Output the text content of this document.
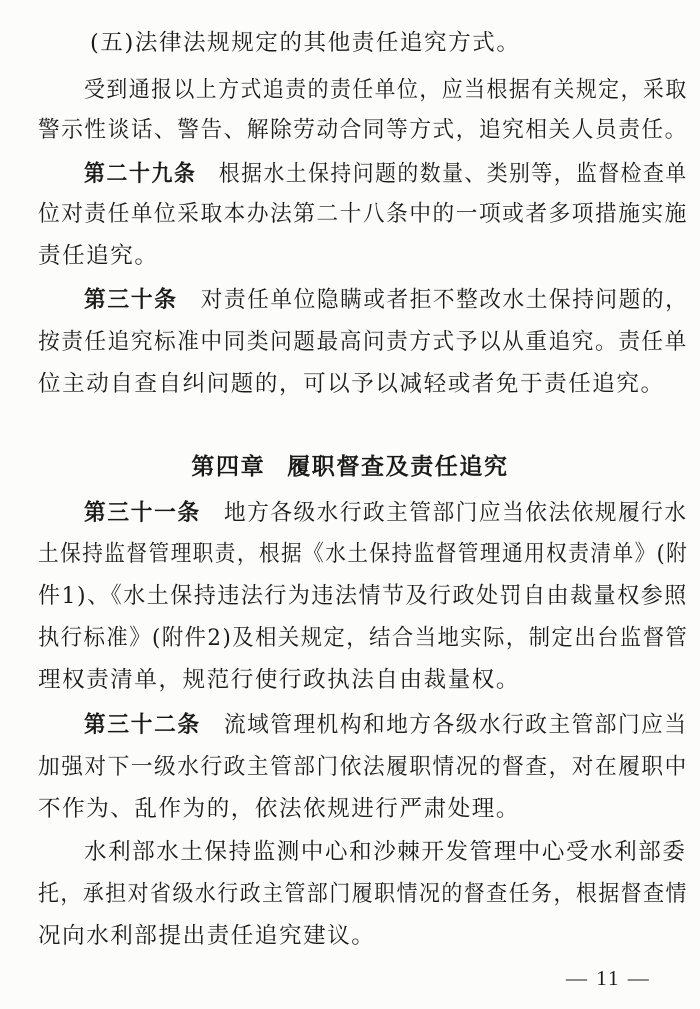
(五)法律法规规定的其他责任追究方式。
受到通报以上方式追责的责任单位，应当根据有关规定，采取
警示性谈话、警告、解除劳动合同等方式，追究相关人员责任。
第二十九条 根据水土保持问题的数量、类别等，监督检查单
位对责任单位采取本办法第二十八条中的一项或者多项措施实施
责任追究。
第三十条 对责任单位隐瞒或者拒不整改水土保持问题的，
按责任追究标准中同类问题最高问责方式予以从重追究。责任单
位主动自查自纠问题的，可以予以减轻或者免于责任追究。
第四章 履职督查及责任追究
第三十一条 地方各级水行政主管部门应当依法依规履行水
土保持监督管理职责，根据《水土保持监督管理通用权责清单》(附
件1)、《水土保持违法行为违法情节及行政处罚自由裁量权参照
执行标准》(附件2)及相关规定，结合当地实际，制定出台监督管
理权责清单，规范行使行政执法自由裁量权。
第三十二条 流域管理机构和地方各级水行政主管部门应当
加强对下一级水行政主管部门依法履职情况的督查，对在履职中
不作为、乱作为的，依法依规进行严肃处理。
水利部水土保持监测中心和沙棘开发管理中心受水利部委
托，承担对省级水行政主管部门履职情况的督查任务，根据督查情
况向水利部提出责任追究建议。
— 11 —
